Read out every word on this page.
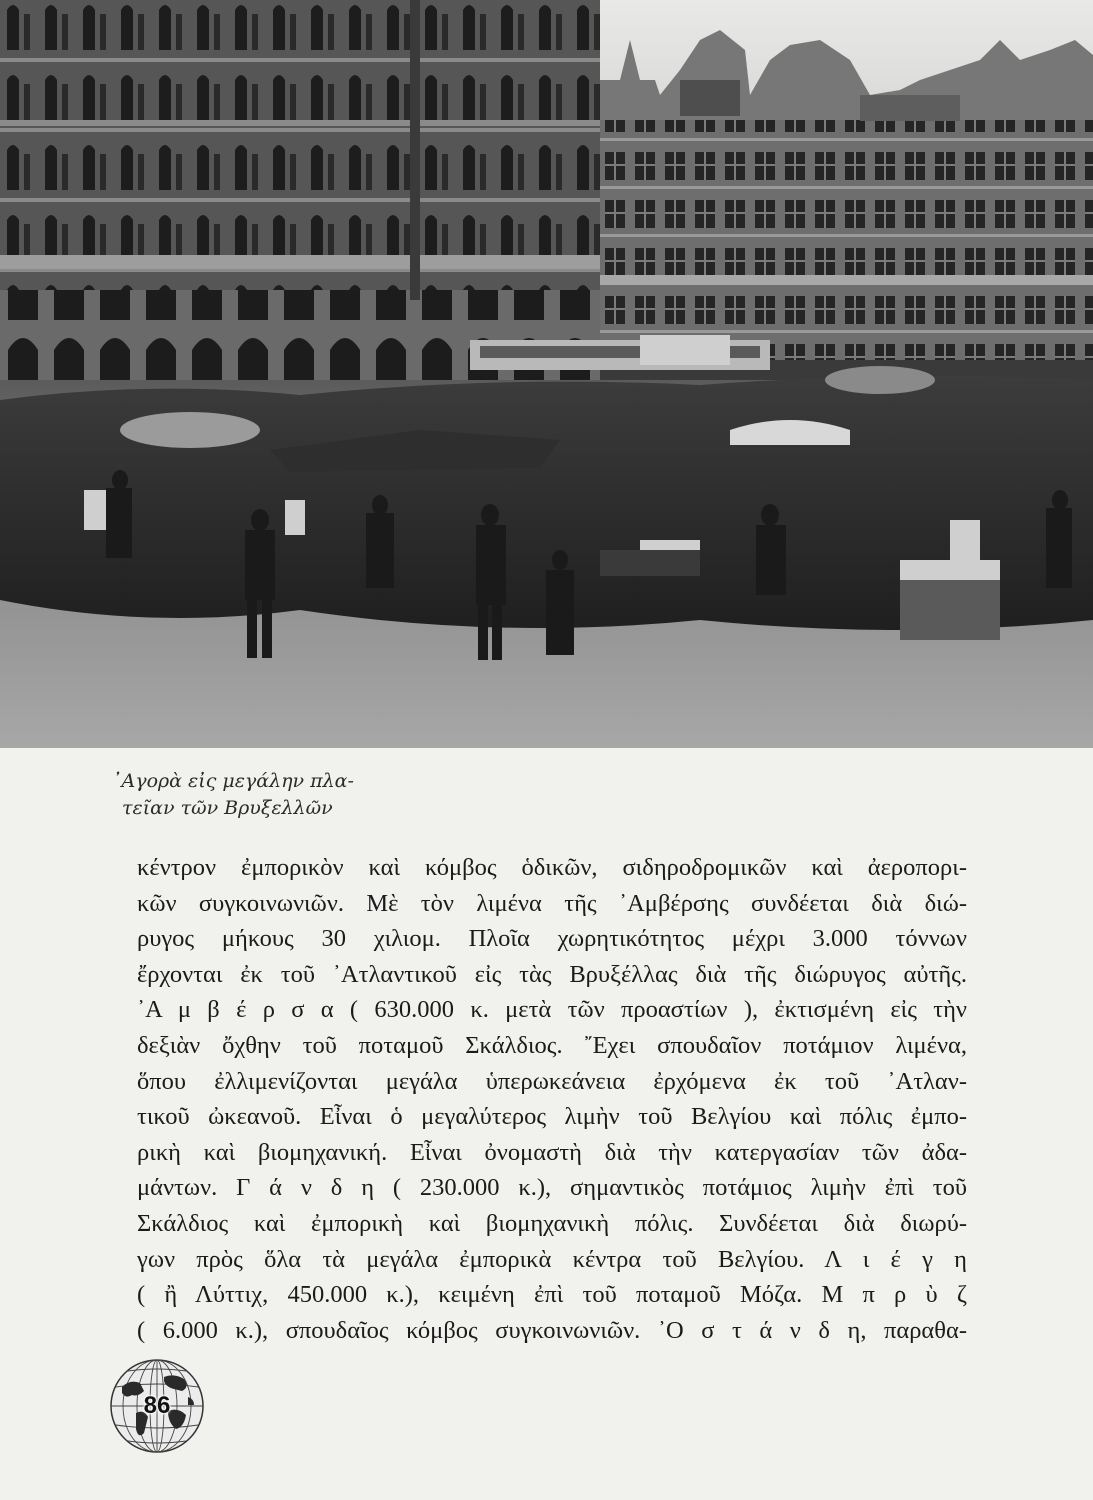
᾿Αγορὰ εἰς μεγάλην πλα-
τεῖαν τῶν Βρυξελλῶν
κέντρον ἐμπορικὸν καὶ κόμβος ὁδικῶν, σιδηροδρομικῶν καὶ ἀεροπορι-
κῶν συγκοινωνιῶν. Μὲ τὸν λιμένα τῆς ᾿Αμβέρσης συνδέεται διὰ διώ-
ρυγος μήκους 30 χιλιομ. Πλοῖα χωρητικότητος μέχρι 3.000 τόννων
ἔρχονται ἐκ τοῦ ᾿Ατλαντικοῦ εἰς τὰς Βρυξέλλας διὰ τῆς διώρυγος αὐτῆς.
᾿Α μ β έ ρ σ α ( 630.000 κ. μετὰ τῶν προαστίων ), ἐκτισμένη εἰς τὴν
δεξιὰν ὄχθην τοῦ ποταμοῦ Σκάλδιος. ῎Εχει σπουδαῖον ποτάμιον λιμένα,
ὅπου ἐλλιμενίζονται μεγάλα ὑπερωκεάνεια ἐρχόμενα ἐκ τοῦ ᾿Ατλαν-
τικοῦ ὠκεανοῦ. Εἶναι ὁ μεγαλύτερος λιμὴν τοῦ Βελγίου καὶ πόλις ἐμπο-
ρικὴ καὶ βιομηχανική. Εἶναι ὀνομαστὴ διὰ τὴν κατεργασίαν τῶν ἀδα-
μάντων. Γ ά ν δ η ( 230.000 κ.), σημαντικὸς ποτάμιος λιμὴν ἐπὶ τοῦ
Σκάλδιος καὶ ἐμπορικὴ καὶ βιομηχανικὴ πόλις. Συνδέεται διὰ διωρύ-
γων πρὸς ὅλα τὰ μεγάλα ἐμπορικὰ κέντρα τοῦ Βελγίου. Λ ι έ γ η
( ἢ Λύττιχ, 450.000 κ.), κειμένη ἐπὶ τοῦ ποταμοῦ Μόζα. Μ π ρ ὺ ζ
( 6.000 κ.), σπουδαῖος κόμβος συγκοινωνιῶν. ᾿Ο σ τ ά ν δ η, παραθα-
86
